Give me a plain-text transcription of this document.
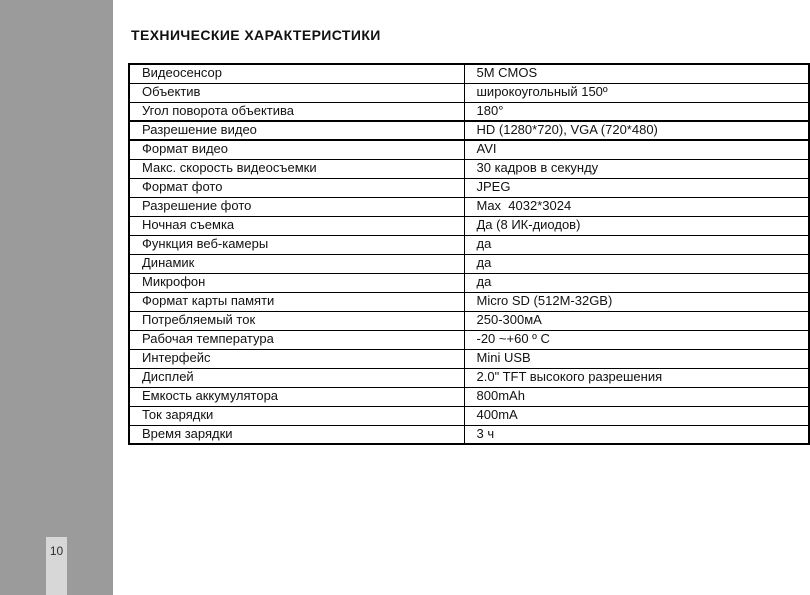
10
ТЕХНИЧЕСКИЕ ХАРАКТЕРИСТИКИ
Видеосенсор	5M CMOS
Объектив	широкоугольный 150º
Угол поворота объектива	180°
Разрешение видео	HD (1280*720), VGA (720*480)
Формат видео	AVI
Макс. скорость видеосъемки	30 кадров в секунду
Формат фото	JPEG
Разрешение фото	Max  4032*3024
Ночная съемка	Да (8 ИК-диодов)
Функция веб-камеры	да
Динамик	да
Микрофон	да
Формат карты памяти	Micro SD (512M-32GB)
Потребляемый ток	250-300мА
Рабочая температура	-20 ~+60 º C
Интерфейс	Mini USB
Дисплей	2.0" TFT высокого разрешения
Емкость аккумулятора	800mAh
Ток зарядки	400mA
Время зарядки	3 ч
